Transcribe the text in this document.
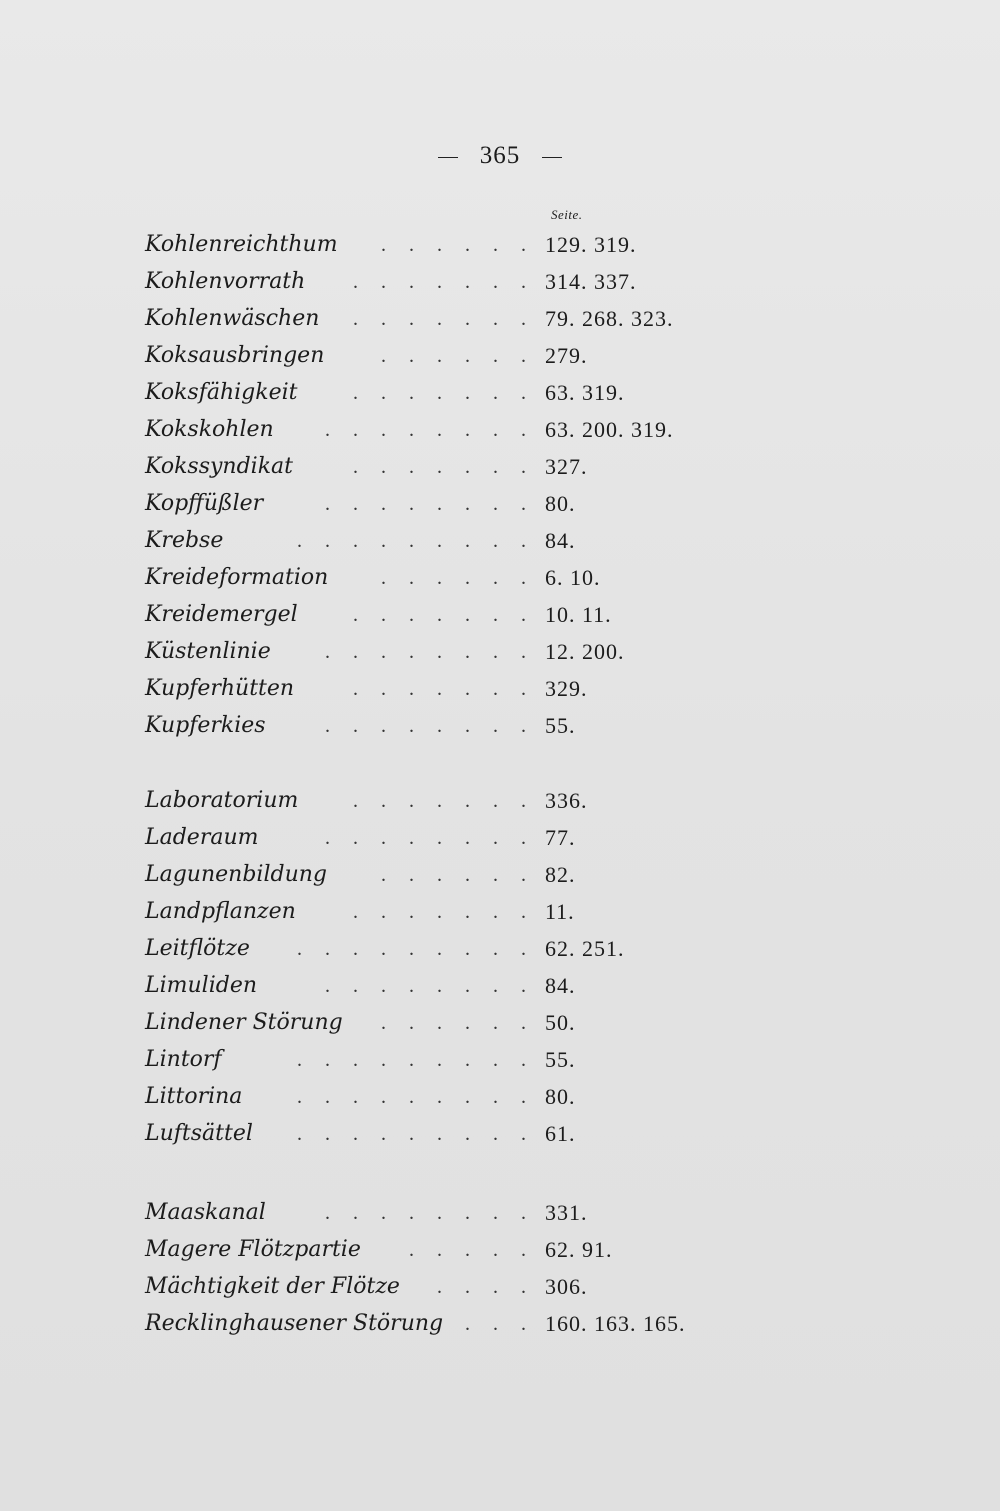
365
Seite.
Kohlenreichthum . . . . . . 129. 319.
Kohlenvorrath . . . . . . . 314. 337.
Kohlenwäschen . . . . . . . 79. 268. 323.
Koksausbringen	. . . . . . 279.
Koksfähigkeit	. . . . . . . 63. 319.
Kokskohlen	. . . . . . . . 63. 200. 319.
Kokssyndikat	. . . . . . . 327.
Kopffüßler	. . . . . . . . 80.
Krebse	. . . . . . . . . 84.
Kreideformation	. . . . . . 6. 10.
Kreidemergel	. . . . . . . 10. 11.
Küstenlinie	. . . . . . . . 12. 200.
Kupferhütten	. . . . . . . 329.
Kupferkies	. . . . . . . . 55.
Laboratorium	. . . . . . . 336.
Laderaum	. . . . . . . . 77.
Lagunenbildung	. . . . . . 82.
Landpflanzen	. . . . . . . 11.
Leitflötze . . . . . . . . . 62. 251.
Limuliden	. . . . . . . . 84.
Lindener Störung . . . . . . 50.
Lintorf	. . . . . . . . . 55.
Littorina	. . . . . . . . . 80.
Luftsättel . . . . . . . . . 61.
Maaskanal	. . . . . . . . 331.
Magere Flötzpartie . . . . . 62. 91.
Mächtigkeit der Flötze . . . . 306.
Recklinghausener Störung . . . 160. 163. 165.
